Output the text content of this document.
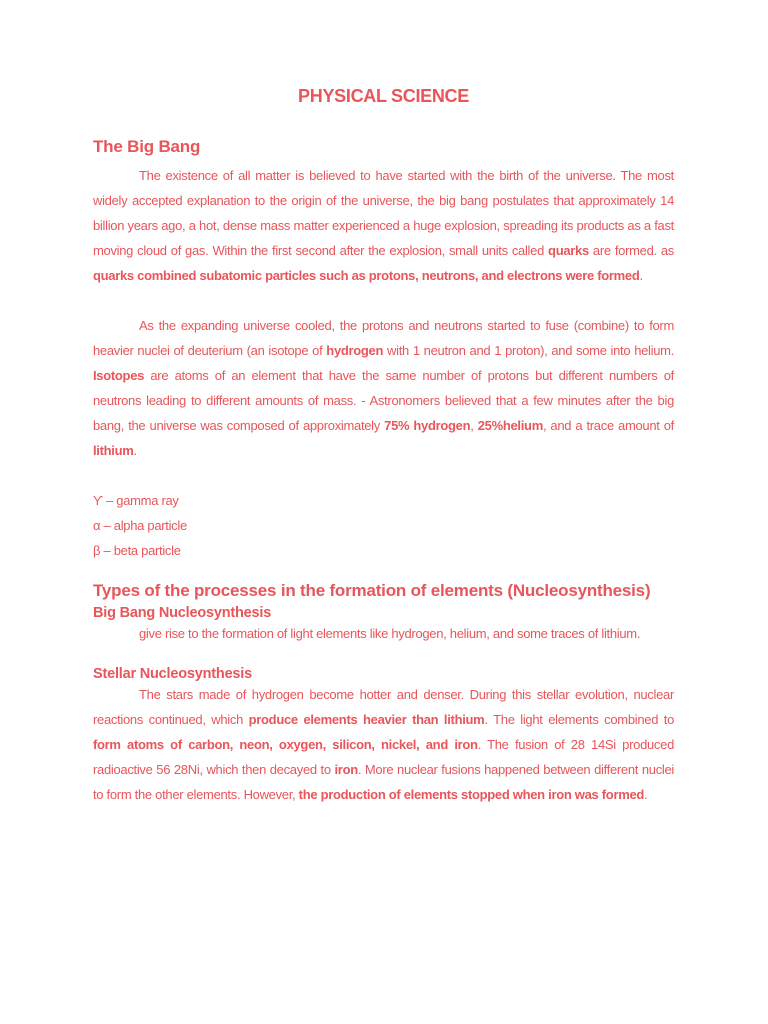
PHYSICAL SCIENCE
The Big Bang

The existence of all matter is believed to have started with the birth of the universe. The most widely accepted explanation to the origin of the universe, the big bang postulates that approximately 14 billion years ago, a hot, dense mass matter experienced a huge explosion, spreading its products as a fast moving cloud of gas. Within the first second after the explosion, small units called quarks are formed. as quarks combined subatomic particles such as protons, neutrons, and electrons were formed.

As the expanding universe cooled, the protons and neutrons started to fuse (combine) to form heavier nuclei of deuterium (an isotope of hydrogen with 1 neutron and 1 proton), and some into helium. Isotopes are atoms of an element that have the same number of protons but different numbers of neutrons leading to different amounts of mass. - Astronomers believed that a few minutes after the big bang, the universe was composed of approximately 75% hydrogen, 25%helium, and a trace amount of lithium.

ϒ – gamma ray
α – alpha particle
β – beta particle
Types of the processes in the formation of elements (Nucleosynthesis)
Big Bang Nucleosynthesis

give rise to the formation of light elements like hydrogen, helium, and some traces of lithium.

Stellar Nucleosynthesis

The stars made of hydrogen become hotter and denser. During this stellar evolution, nuclear reactions continued, which produce elements heavier than lithium. The light elements combined to form atoms of carbon, neon, oxygen, silicon, nickel, and iron. The fusion of 28 14Si produced radioactive 56 28Ni, which then decayed to iron. More nuclear fusions happened between different nuclei to form the other elements. However, the production of elements stopped when iron was formed.
